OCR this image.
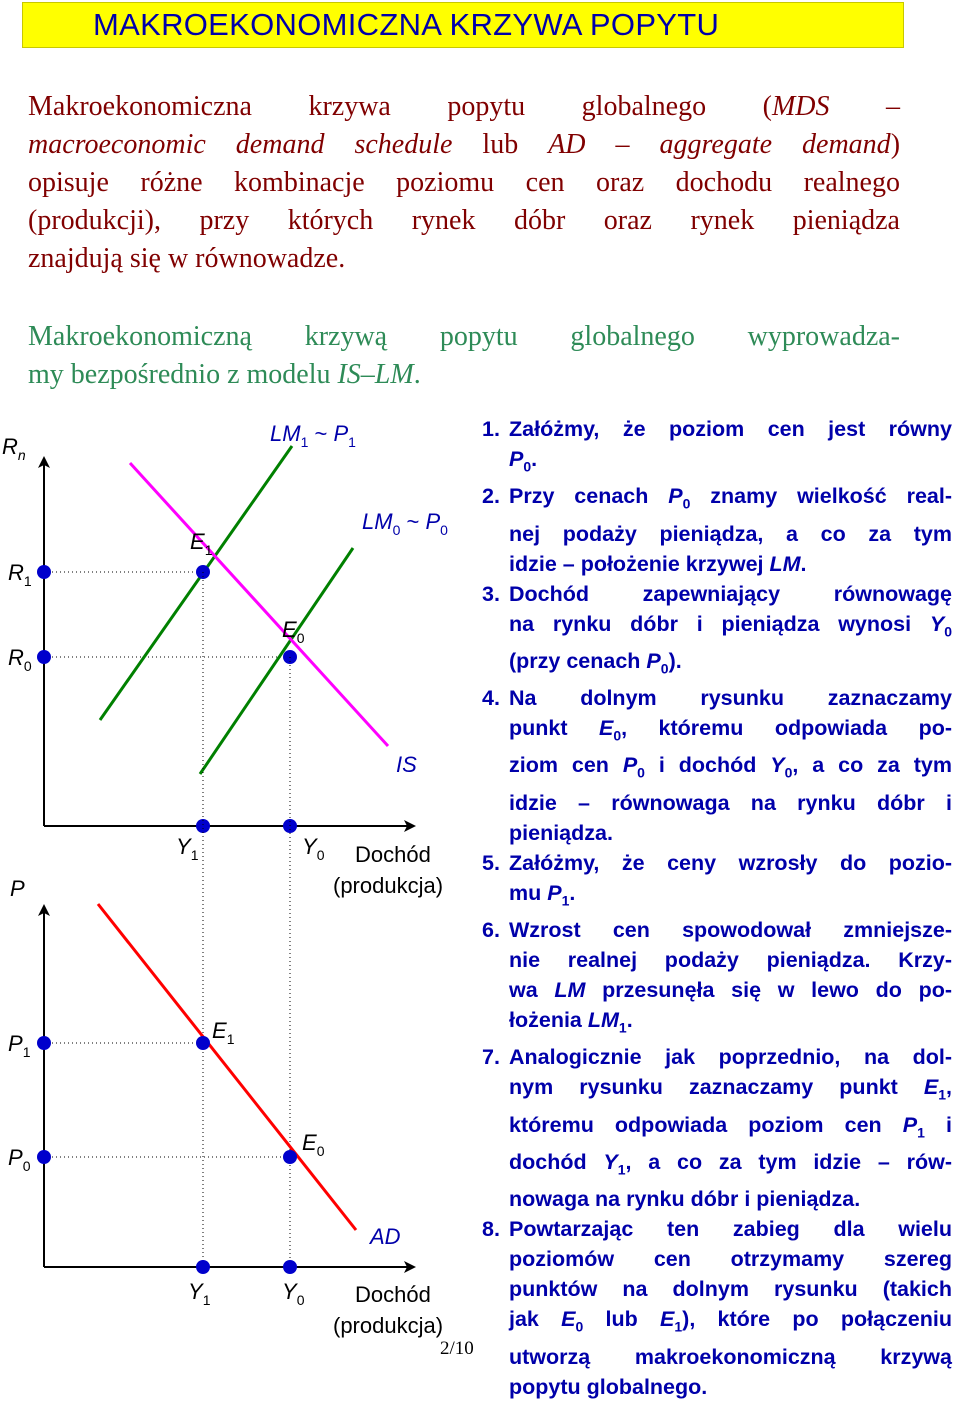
MAKROEKONOMICZNA KRZYWA POPYTU
Makroekonomiczna krzywa popytu globalnego (MDS –
macroeconomic demand schedule lub AD – aggregate demand)
opisuje różne kombinacje poziomu cen oraz dochodu realnego
(produkcji), przy których rynek dóbr oraz rynek pieniądza
znajdują się w równowadze.
Makroekonomiczną krzywą popytu globalnego wyprowadza-
my bezpośrednio z modelu IS–LM.
$R_n$
$R_1$
$R_0$
$Y_1$	$Y_0$ Dochód
(produkcja)
$LM_1$ ~ $P_1$
$LM_0$ ~ $P_0$
IS
$E_1$
$E_0$
P
$P_1$
$P_0$
$Y_1$	$Y_0$ Dochód
(produkcja)
AD
$E_1$
$E_0$
1. Załóżmy, że poziom cen jest równy
$P_0$.
2. Przy cenach $P_0$ znamy wielkość real-
nej podaży pieniądza, a co za tym
idzie – położenie krzywej LM.
3. Dochód zapewniający równowagę
na rynku dóbr i pieniądza wynosi $Y_0$
(przy cenach $P_0$).
4. Na dolnym rysunku zaznaczamy
punkt $E_0$, któremu odpowiada po-
ziom cen $P_0$ i dochód $Y_0$, a co za tym
idzie – równowaga na rynku dóbr i
pieniądza.
5. Załóżmy, że ceny wzrosły do pozio-
mu $P_1$.
6. Wzrost cen spowodował zmniejsze-
nie realnej podaży pieniądza. Krzy-
wa LM przesunęła się w lewo do po-
łożenia $LM_1$.
7. Analogicznie jak poprzednio, na dol-
nym rysunku zaznaczamy punkt $E_1$,
któremu odpowiada poziom cen $P_1$ i
dochód $Y_1$, a co za tym idzie – rów-
nowaga na rynku dóbr i pieniądza.
8. Powtarzając ten zabieg dla wielu
poziomów cen otrzymamy szereg
punktów na dolnym rysunku (takich
jak $E_0$ lub $E_1$), które po połączeniu
utworzą makroekonomiczną krzywą
popytu globalnego.
2/10
